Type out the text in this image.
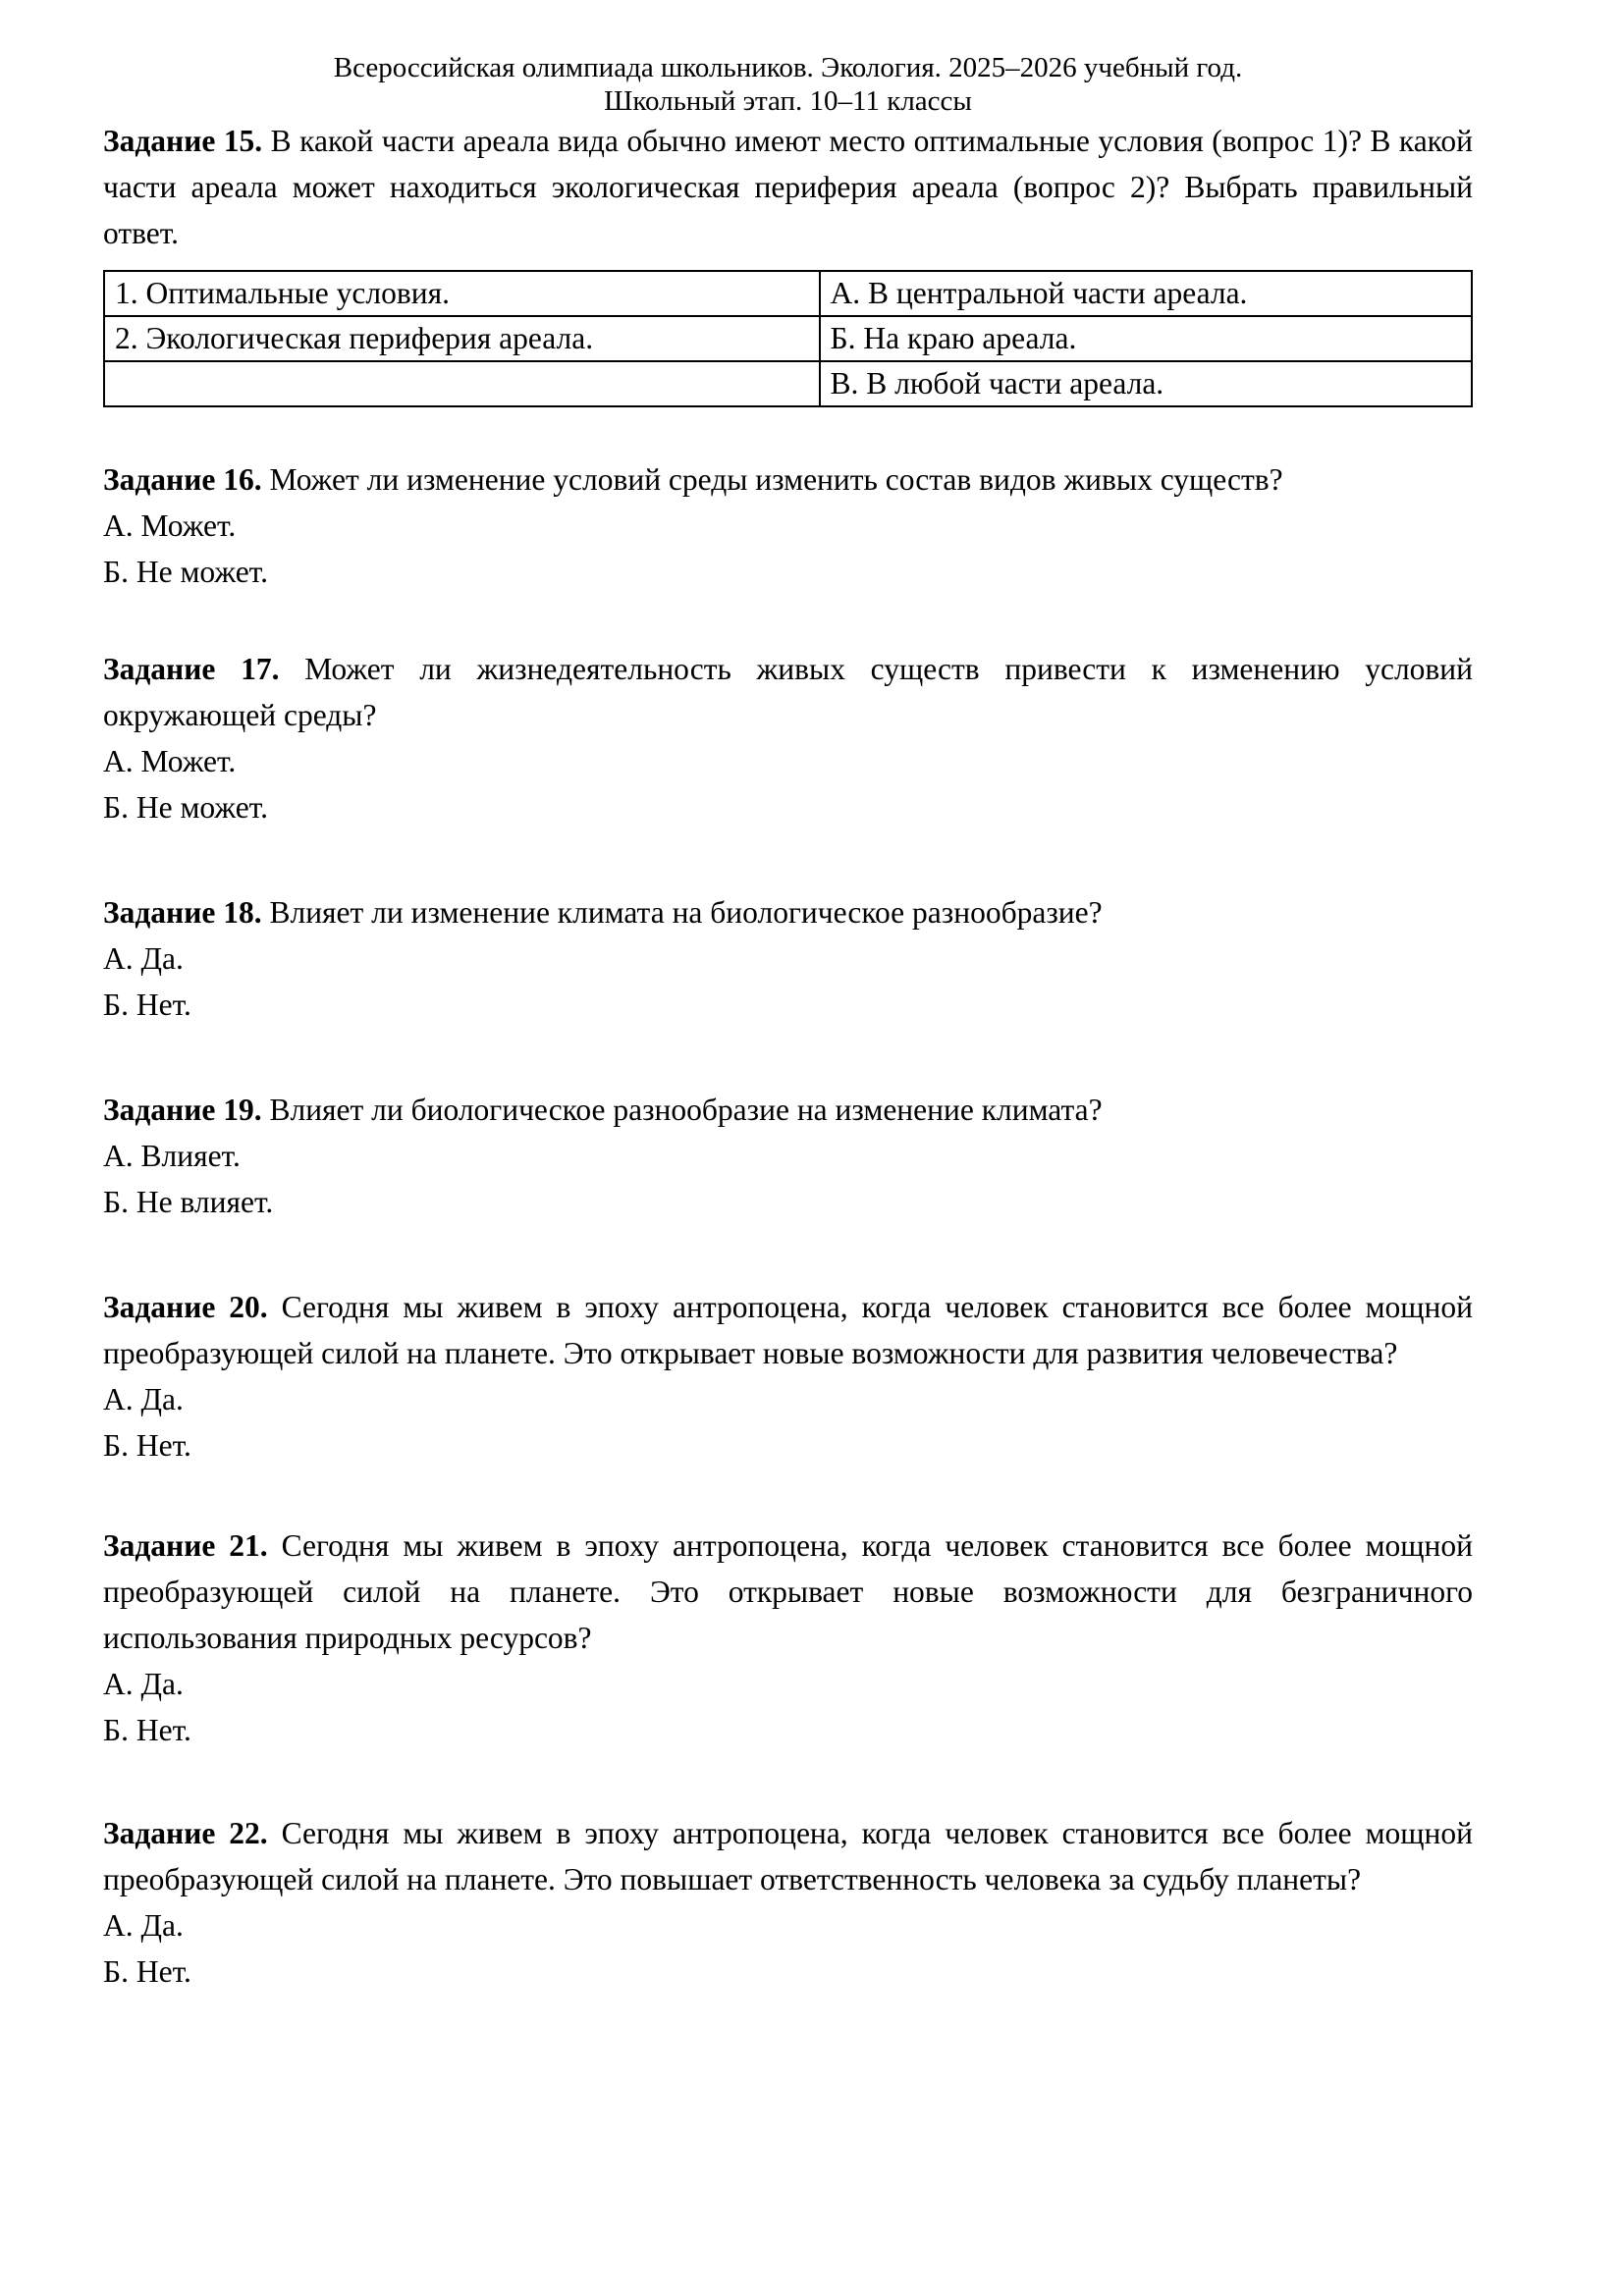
Всероссийская олимпиада школьников. Экология. 2025–2026 учебный год.
Школьный этап. 10–11 классы

Задание 15. В какой части ареала вида обычно имеют место оптимальные условия (вопрос 1)? В какой части ареала может находиться экологическая периферия ареала (вопрос 2)? Выбрать правильный ответ.

1. Оптимальные условия.	А. В центральной части ареала.
2. Экологическая периферия ареала.	Б. На краю ареала.
	В. В любой части ареала.

Задание 16. Может ли изменение условий среды изменить состав видов живых существ?

А. Может.

Б. Не может.

Задание 17. Может ли жизнедеятельность живых существ привести к изменению условий окружающей среды?

А. Может.

Б. Не может.

Задание 18. Влияет ли изменение климата на биологическое разнообразие?

А. Да.

Б. Нет.

Задание 19. Влияет ли биологическое разнообразие на изменение климата?

А. Влияет.

Б. Не влияет.

Задание 20. Сегодня мы живем в эпоху антропоцена, когда человек становится все более мощной преобразующей силой на планете. Это открывает новые возможности для развития человечества?

А. Да.

Б. Нет.

Задание 21. Сегодня мы живем в эпоху антропоцена, когда человек становится все более мощной преобразующей силой на планете. Это открывает новые возможности для безграничного использования природных ресурсов?

А. Да.

Б. Нет.

Задание 22. Сегодня мы живем в эпоху антропоцена, когда человек становится все более мощной преобразующей силой на планете. Это повышает ответственность человека за судьбу планеты?

А. Да.

Б. Нет.
